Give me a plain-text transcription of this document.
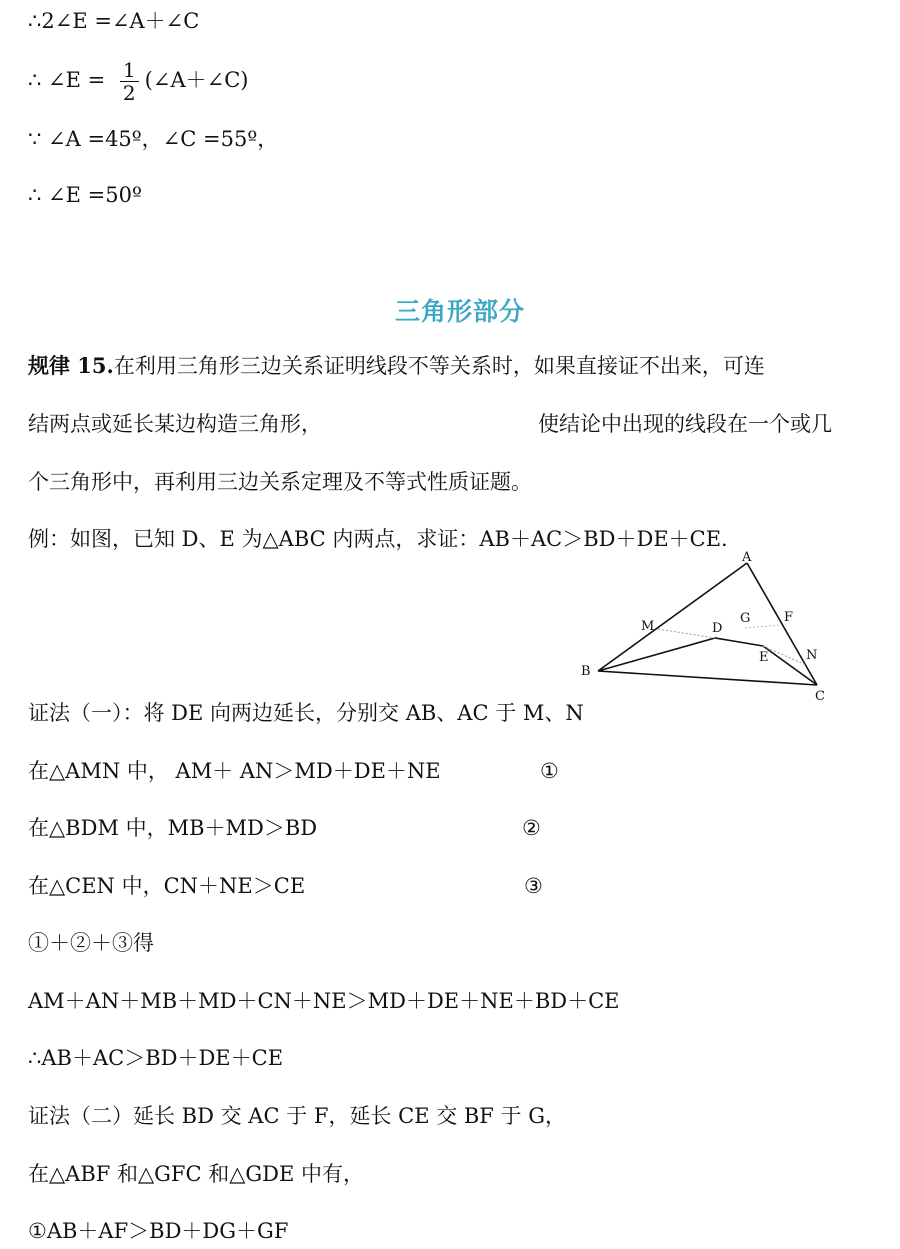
∴2∠E =∠A＋∠C
∴ ∠E = $\frac{1}{2}$ (∠A＋∠C)
∵ ∠A =45º，∠C =55º，
∴ ∠E =50º
三角形部分
规律 15.在利用三角形三边关系证明线段不等关系时，如果直接证不出来，可连
结两点或延长某边构造三角形，	使结论中出现的线段在一个或几
个三角形中，再利用三边关系定理及不等式性质证题。
例：如图，已知 D、E 为△ABC 内两点，求证：AB＋AC＞BD＋DE＋CE.
A
B
C
D
E
F
G
M
N
证法（一）：将 DE 向两边延长，分别交 AB、AC 于 M、N
在△AMN 中， AM＋ AN＞MD＋DE＋NE	①
在△BDM 中，MB＋MD＞BD	②
在△CEN 中，CN＋NE＞CE	③
①＋②＋③得
AM＋AN＋MB＋MD＋CN＋NE＞MD＋DE＋NE＋BD＋CE
∴AB＋AC＞BD＋DE＋CE
证法（二）延长 BD 交 AC 于 F，延长 CE 交 BF 于 G，
在△ABF 和△GFC 和△GDE 中有，
①AB＋AF＞BD＋DG＋GF
